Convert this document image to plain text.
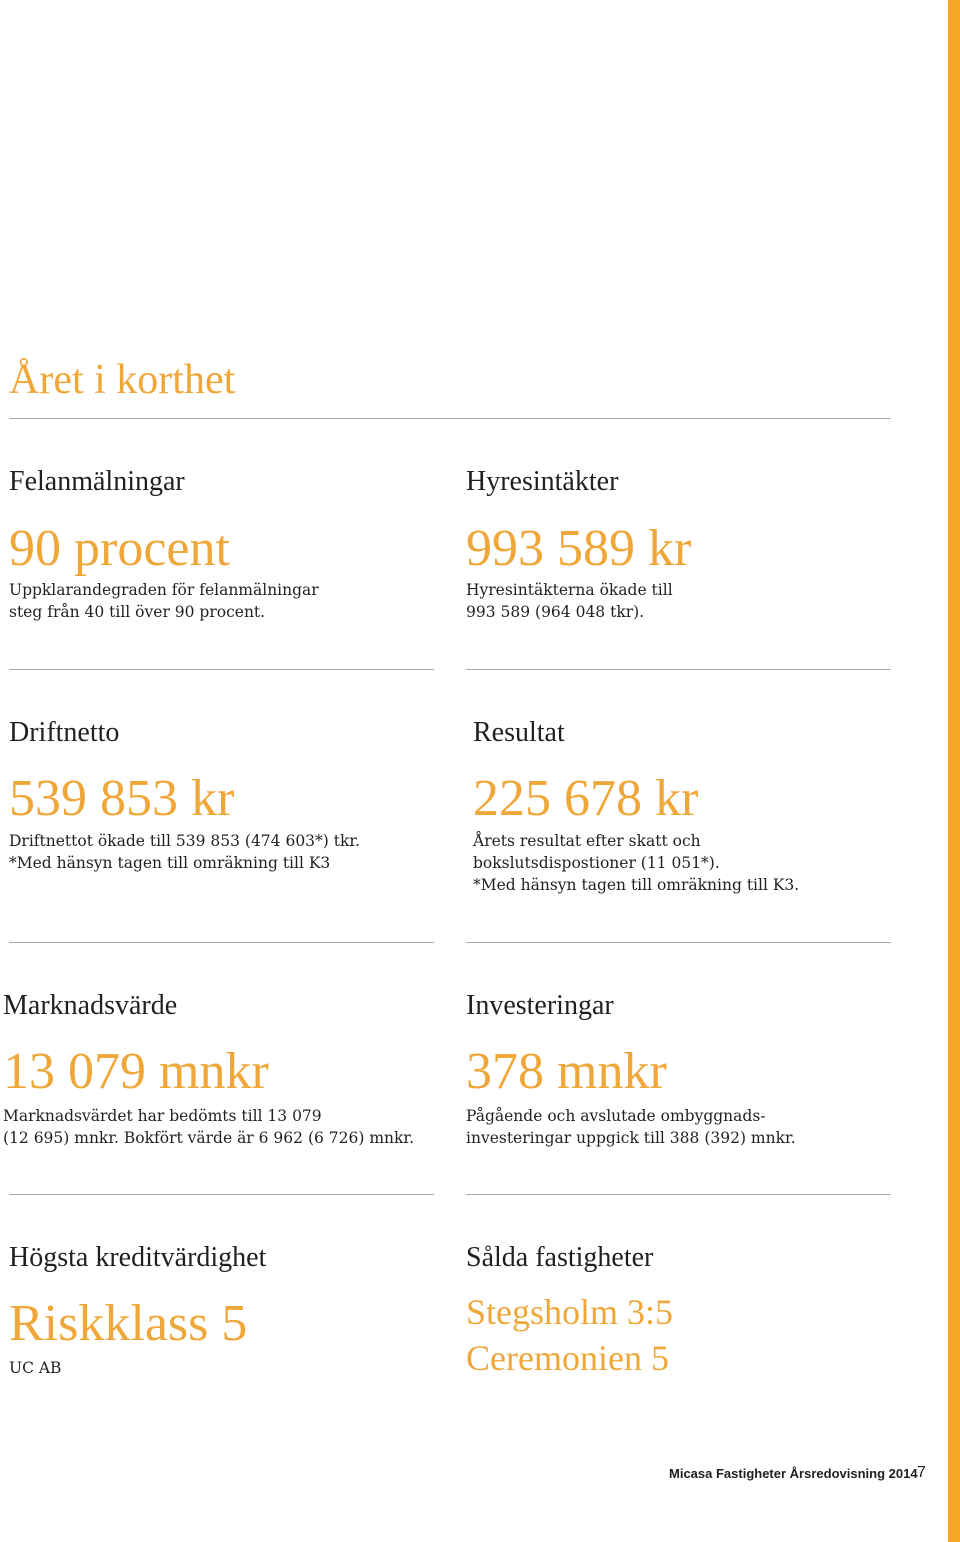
Året i korthet
Felanmälningar
90 procent

Uppklarandegraden för felanmälningar
steg från 40 till över 90 procent.

Hyresintäkter
993 589 kr

Hyresintäkterna ökade till
993 589 (964 048 tkr).

Driftnetto
539 853 kr

Driftnettot ökade till 539 853 (474 603*) tkr.
*Med hänsyn tagen till omräkning till K3

Resultat
225 678 kr

Årets resultat efter skatt och
bokslutsdispostioner (11 051*).
*Med hänsyn tagen till omräkning till K3.

Marknadsvärde
13 079 mnkr

Marknadsvärdet har bedömts till 13 079
(12 695) mnkr. Bokfört värde är 6 962 (6 726) mnkr.

Investeringar
378 mnkr

Pågående och avslutade ombyggnads-
investeringar uppgick till 388 (392) mnkr.

Högsta kreditvärdighet
Riskklass 5

UC AB

Sålda fastigheter
Stegsholm 3:5
Ceremonien 5
Micasa Fastigheter Årsredovisning 2014 7
